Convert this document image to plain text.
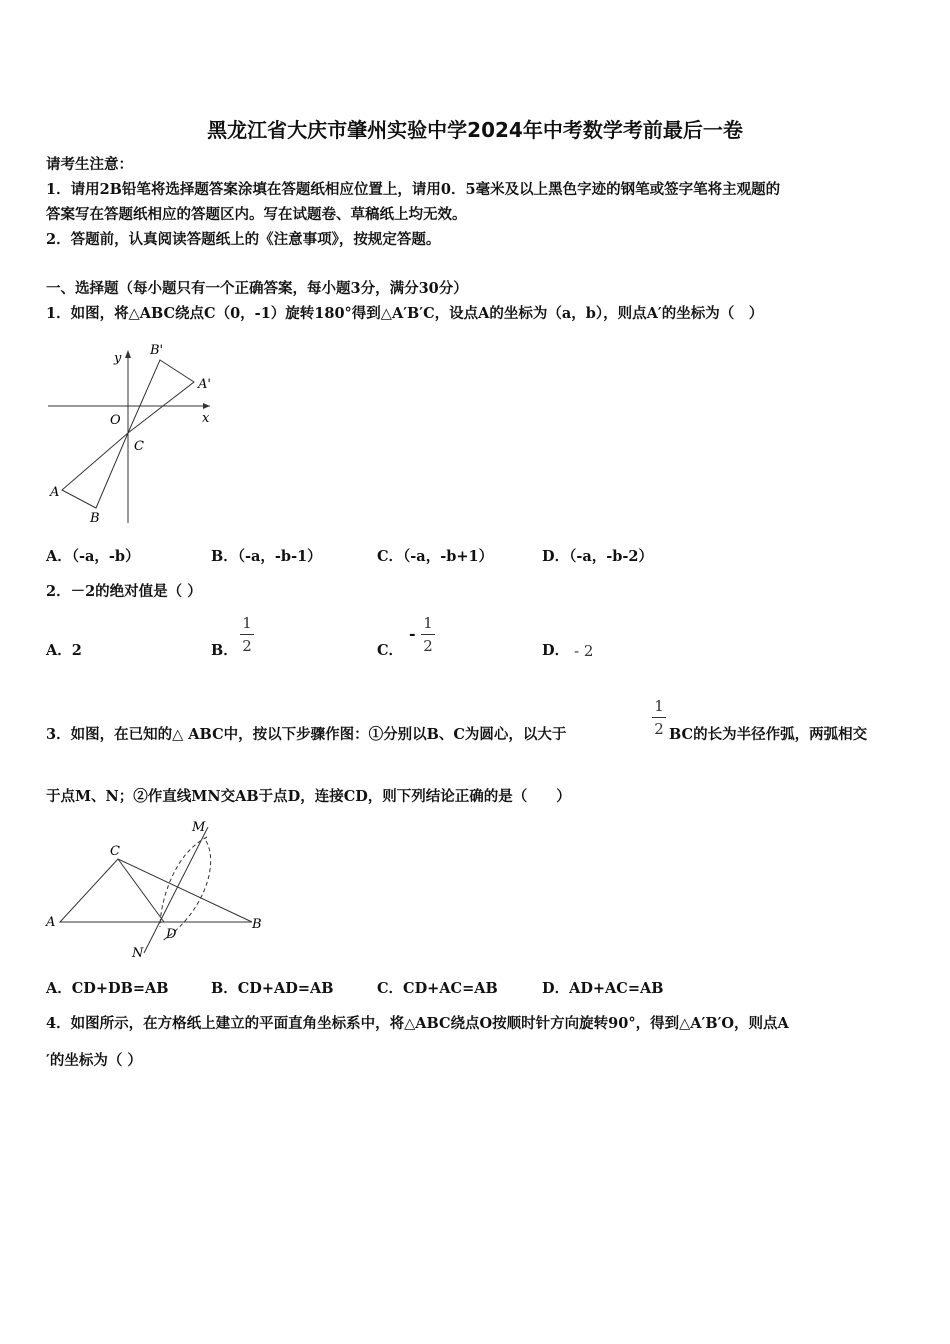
黑龙江省大庆市肇州实验中学2024年中考数学考前最后一卷
请考生注意：
1．请用2B铅笔将选择题答案涂填在答题纸相应位置上，请用0．5毫米及以上黑色字迹的钢笔或签字笔将主观题的
答案写在答题纸相应的答题区内。写在试题卷、草稿纸上均无效。
2．答题前，认真阅读答题纸上的《注意事项》，按规定答题。
一、选择题（每小题只有一个正确答案，每小题3分，满分30分）
1．如图，将△ABC绕点C（0，-1）旋转180°得到△A′B′C，设点A的坐标为（a，b），则点A′的坐标为（　）
y
x
O
C
A
B
A'
B'
A．（-a，-b）	B．（-a，-b-1）	C．（-a，-b+1）	D．（-a，-b-2）
2．－2的绝对值是（ ）
A．2	B．
1
2	C．
-
1
2	D． - 2
3．如图，在已知的△ ABC中，按以下步骤作图：①分别以B、C为圆心，以大于
1
2 BC的长为半径作弧，两弧相交
于点M、N；②作直线MN交AB于点D，连接CD，则下列结论正确的是（　　）
M
C
A	B
D
N
A．CD+DB=AB	B．CD+AD=AB	C．CD+AC=AB	D．AD+AC=AB
4．如图所示，在方格纸上建立的平面直角坐标系中，将△ABC绕点O按顺时针方向旋转90°，得到△A′B′O，则点A
′的坐标为（ ）
